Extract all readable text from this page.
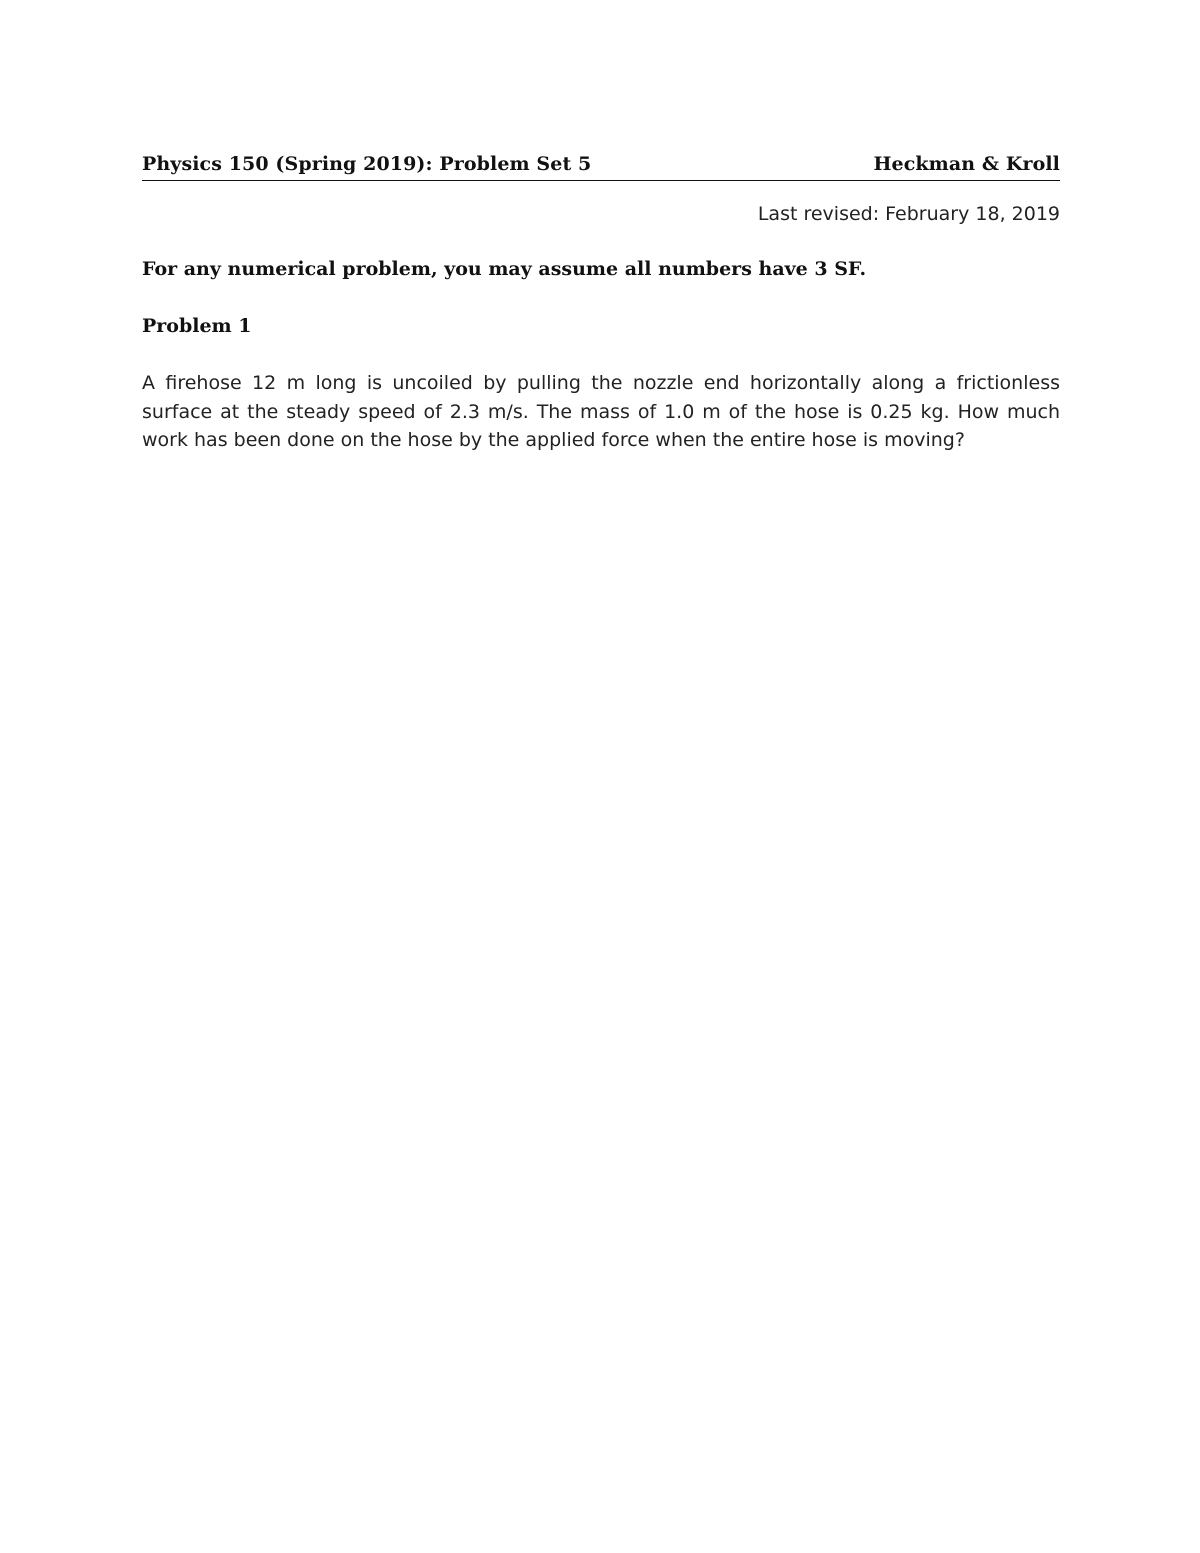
Physics 150 (Spring 2019): Problem Set 5	Heckman & Kroll
Last revised: February 18, 2019
For any numerical problem, you may assume all numbers have 3 SF.
Problem 1
A firehose 12 m long is uncoiled by pulling the nozzle end horizontally along a frictionless
surface at the steady speed of 2.3 m/s. The mass of 1.0 m of the hose is 0.25 kg. How much
work has been done on the hose by the applied force when the entire hose is moving?
